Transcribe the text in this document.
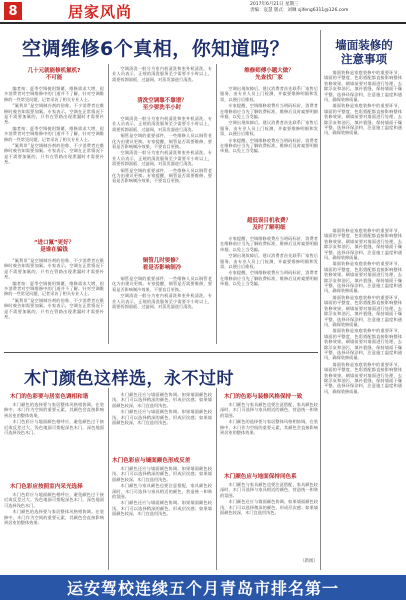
8	居家风尚	2017年6月21日 星期三
责编：袁慧 版式：刘琳 sjifeng6311@126.com
空调维修6个真相，你知道吗？	墙面装修的
注意事项
几十元就能修机氟机?
不可能

编者按：夏季空调使用频繁，维修需求大增，很多消费者对空调维修中的门道并不了解。针对空调维修的一些常见问题，记者采访了相关专业人士。

“氟利昂”是空调制冷剂的俗称，不少消费者在维修时被告知需要加氟。专家表示，空调在正常情况下是不需要加氟的，只有在管路出现泄漏时才需要补充。

编者按：夏季空调使用频繁，维修需求大增，很多消费者对空调维修中的门道并不了解。针对空调维修的一些常见问题，记者采访了相关专业人士。

“氟利昂”是空调制冷剂的俗称，不少消费者在维修时被告知需要加氟。专家表示，空调在正常情况下是不需要加氟的，只有在管路出现泄漏时才需要补充。

“进口氟”更好？
是谁在骗钱

“氟利昂”是空调制冷剂的俗称，不少消费者在维修时被告知需要加氟。专家表示，空调在正常情况下是不需要加氟的，只有在管路出现泄漏时才需要补充。

编者按：夏季空调使用频繁，维修需求大增，很多消费者对空调维修中的门道并不了解。针对空调维修的一些常见问题，记者采访了相关专业人士。

“氟利昂”是空调制冷剂的俗称，不少消费者在维修时被告知需要加氟。专家表示，空调在正常情况下是不需要加氟的，只有在管路出现泄漏时才需要补充。

空调清洗一般分为室内机清洗和室外机清洗。专业人员表示，正规的清洗服务至少需要半小时以上，需要拆卸面板、过滤网，对蒸发器进行清洗。

清洗空调靠不靠谱？
至少要洗半小时

空调清洗一般分为室内机清洗和室外机清洗。专业人员表示，正规的清洗服务至少需要半小时以上，需要拆卸面板、过滤网，对蒸发器进行清洗。

铜管是空调的重要部件，一些维修人员以铜管老化为由建议更换。专家提醒，铜管是否需要维修，要看是否影响制冷效果，不要盲目更换。

空调清洗一般分为室内机清洗和室外机清洗。专业人员表示，正规的清洗服务至少需要半小时以上，需要拆卸面板、过滤网，对蒸发器进行清洗。

铜管是空调的重要部件，一些维修人员以铜管老化为由建议更换。专家提醒，铜管是否需要维修，要看是否影响制冷效果，不要盲目更换。

铜管几时要修？
看是否影响制冷

铜管是空调的重要部件，一些维修人员以铜管老化为由建议更换。专家提醒，铜管是否需要维修，要看是否影响制冷效果，不要盲目更换。

空调清洗一般分为室内机清洗和室外机清洗。专业人员表示，正规的清洗服务至少需要半小时以上，需要拆卸面板、过滤网，对蒸发器进行清洗。

维修师傅小题大做？
先查找厂家

空调出现故障后，建议消费者首先联系厂家售后服务，由专业人员上门检测，并索要维修明细和发票，以便日后维权。

专家提醒，空调维修收费应当明码标价，消费者在维修前应当先了解收费标准，维修后及时索要明细单据，以免上当受骗。

空调出现故障后，建议消费者首先联系厂家售后服务，由专业人员上门检测，并索要维修明细和发票，以便日后维权。

专家提醒，空调维修收费应当明码标价，消费者在维修前应当先了解收费标准，维修后及时索要明细单据，以免上当受骗。

超低误目机收费？
及时了解明细

专家提醒，空调维修收费应当明码标价，消费者在维修前应当先了解收费标准，维修后及时索要明细单据，以免上当受骗。

空调出现故障后，建议消费者首先联系厂家售后服务，由专业人员上门检测，并索要维修明细和发票，以便日后维权。

专家提醒，空调维修收费应当明码标价，消费者在维修前应当先了解收费标准，维修后及时索要明细单据，以免上当受骗。

墙面装修是家庭装修中的重要环节，墙面的平整度、色彩搭配都直接影响整体装修效果。刷墙前要对墙面进行处理，去除浮灰和油污，填补裂缝，保持墙面干燥平整。选择环保涂料，注意施工温度和通风，确保装修质量。

墙面装修是家庭装修中的重要环节，墙面的平整度、色彩搭配都直接影响整体装修效果。刷墙前要对墙面进行处理，去除浮灰和油污，填补裂缝，保持墙面干燥平整。选择环保涂料，注意施工温度和通风，确保装修质量。

墙面装修是家庭装修中的重要环节，墙面的平整度、色彩搭配都直接影响整体装修效果。刷墙前要对墙面进行处理，去除浮灰和油污，填补裂缝，保持墙面干燥平整。选择环保涂料，注意施工温度和通风，确保装修质量。

墙面装修是家庭装修中的重要环节，墙面的平整度、色彩搭配都直接影响整体装修效果。刷墙前要对墙面进行处理，去除浮灰和油污，填补裂缝，保持墙面干燥平整。选择环保涂料，注意施工温度和通风，确保装修质量。

墙面装修是家庭装修中的重要环节，墙面的平整度、色彩搭配都直接影响整体装修效果。刷墙前要对墙面进行处理，去除浮灰和油污，填补裂缝，保持墙面干燥平整。选择环保涂料，注意施工温度和通风，确保装修质量。

墙面装修是家庭装修中的重要环节，墙面的平整度、色彩搭配都直接影响整体装修效果。刷墙前要对墙面进行处理，去除浮灰和油污，填补裂缝，保持墙面干燥平整。选择环保涂料，注意施工温度和通风，确保装修质量。

墙面装修是家庭装修中的重要环节，墙面的平整度、色彩搭配都直接影响整体装修效果。刷墙前要对墙面进行处理，去除浮灰和油污，填补裂缝，保持墙面干燥平整。选择环保涂料，注意施工温度和通风，确保装修质量。

木门颜色这样选，永不过时
木门的色彩要与居室色调相和谐

木门颜色的选择要与家居整体风格相协调。在装修中，木门作为空间的重要元素，其颜色会直接影响到居室的整体效果。

木门色彩应与地面颜色相呼应，避免颜色过于接近或反差过大。浅色地面可搭配深色木门，深色地面可选择浅色木门。

木门色彩应按照室内采光选择

木门色彩应与地面颜色相呼应，避免颜色过于接近或反差过大。浅色地面可搭配深色木门，深色地面可选择浅色木门。

木门颜色的选择要与家居整体风格相协调。在装修中，木门作为空间的重要元素，其颜色会直接影响到居室的整体效果。

木门颜色还应与墙面颜色协调。如果墙面颜色较浅，木门可以选择稍深的颜色，形成层次感；如果墙面颜色较深，木门宜选用浅色。

木门颜色还应与墙面颜色协调。如果墙面颜色较浅，木门可以选择稍深的颜色，形成层次感；如果墙面颜色较深，木门宜选用浅色。

木门色彩应与墙面颜色形成反差

木门颜色还应与墙面颜色协调。如果墙面颜色较浅，木门可以选择稍深的颜色，形成层次感；如果墙面颜色较深，木门宜选用浅色。

木门颜色与家具颜色也要注意搭配，家具颜色较深时，木门可选择与家具相近的颜色，营造统一和谐的氛围。

木门颜色还应与墙面颜色协调。如果墙面颜色较浅，木门可以选择稍深的颜色，形成层次感；如果墙面颜色较深，木门宜选用浅色。

木门的色彩与装修风格保持一致

木门颜色与家具颜色也要注意搭配，家具颜色较深时，木门可选择与家具相近的颜色，营造统一和谐的氛围。

木门颜色的选择要与家居整体风格相协调。在装修中，木门作为空间的重要元素，其颜色会直接影响到居室的整体效果。

木门颜色应与地面保持同色系

木门颜色与家具颜色也要注意搭配，家具颜色较深时，木门可选择与家具相近的颜色，营造统一和谐的氛围。

木门颜色还应与墙面颜色协调。如果墙面颜色较浅，木门可以选择稍深的颜色，形成层次感；如果墙面颜色较深，木门宜选用浅色。

（新闻）
运安驾校连续五个月青岛市排名第一
